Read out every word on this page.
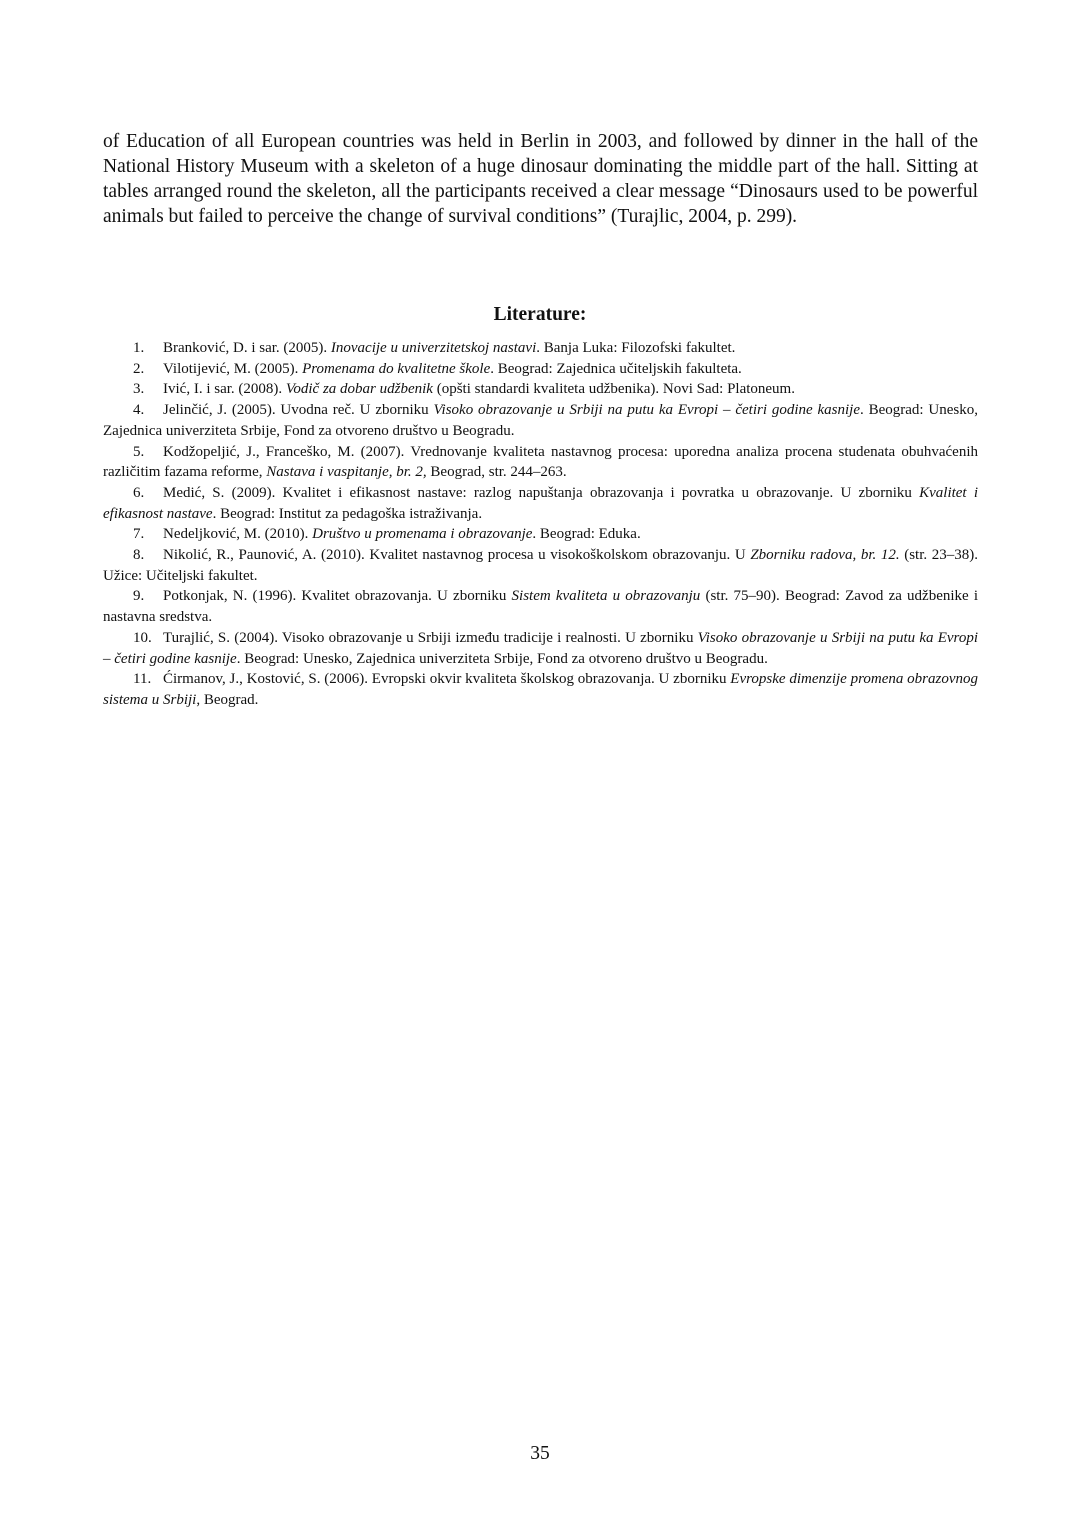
of Education of all European countries was held in Berlin in 2003, and followed by dinner in the hall of the National History Museum with a skeleton of a huge dinosaur dominating the middle part of the hall. Sitting at tables arranged round the skeleton, all the participants received a clear message “Dinosaurs used to be powerful animals but failed to perceive the change of survival conditions” (Turajlic, 2004, p. 299).

Literature:
1. Branković, D. i sar. (2005). Inovacije u univerzitetskoj nastavi. Banja Luka: Filozofski fakultet.
2. Vilotijević, M. (2005). Promenama do kvalitetne škole. Beograd: Zajednica učiteljskih fakulteta.
3. Ivić, I. i sar. (2008). Vodič za dobar udžbenik (opšti standardi kvaliteta udžbenika). Novi Sad: Platoneum.
4. Jelinčić, J. (2005). Uvodna reč. U zborniku Visoko obrazovanje u Srbiji na putu ka Evropi – četiri godine kasnije. Beograd: Unesko, Zajednica univerziteta Srbije, Fond za otvoreno društvo u Beogradu.
5. Kodžopeljić, J., Francеško, M. (2007). Vrednovanje kvaliteta nastavnog procesa: uporedna analiza procena studenata obuhvaćenih različitim fazama reforme, Nastava i vaspitanje, br. 2, Beograd, str. 244–263.
6. Medić, S. (2009). Kvalitet i efikasnost nastave: razlog napuštanja obrazovanja i povratka u obrazovanje. U zborniku Kvalitet i efikasnost nastave. Beograd: Institut za pedagoška istraživanja.
7. Nedeljković, M. (2010). Društvo u promenama i obrazovanje. Beograd: Eduka.
8. Nikolić, R., Paunović, A. (2010). Kvalitet nastavnog procesa u visokoškolskom obrazovanju. U Zborniku radova, br. 12. (str. 23–38). Užice: Učiteljski fakultet.
9. Potkonjak, N. (1996). Kvalitet obrazovanja. U zborniku Sistem kvaliteta u obrazovanju (str. 75–90). Beograd: Zavod za udžbenike i nastavna sredstva.
10. Turajlić, S. (2004). Visoko obrazovanje u Srbiji između tradicije i realnosti. U zborniku Visoko obrazovanje u Srbiji na putu ka Evropi – četiri godine kasnije. Beograd: Unesko, Zajednica univerziteta Srbije, Fond za otvoreno društvo u Beogradu.
11. Ćirmanov, J., Kostović, S. (2006). Evropski okvir kvaliteta školskog obrazovanja. U zborniku Evropske dimenzije promena obrazovnog sistema u Srbiji, Beograd.
35
